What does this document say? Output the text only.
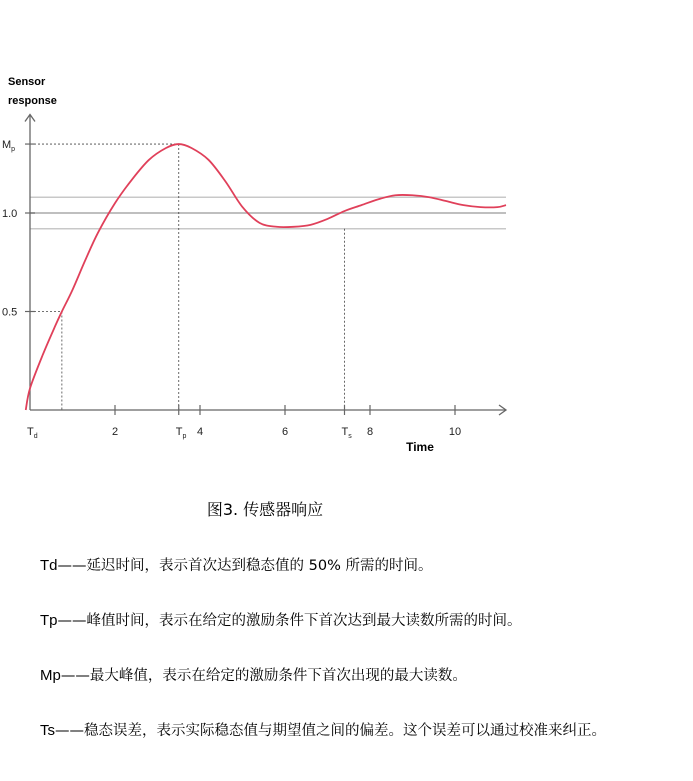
Sensor
response
$T_d$	2	$T_p$ 4	6	$T_s$ 8	10
0.5
1.0
$M_p$
Time
图3. 传感器响应

Td——延迟时间，表示首次达到稳态值的 50% 所需的时间。

Tp——峰值时间，表示在给定的激励条件下首次达到最大读数所需的时间。

Mp——最大峰值，表示在给定的激励条件下首次出现的最大读数。

Ts——稳态误差，表示实际稳态值与期望值之间的偏差。这个误差可以通过校准来纠正。
